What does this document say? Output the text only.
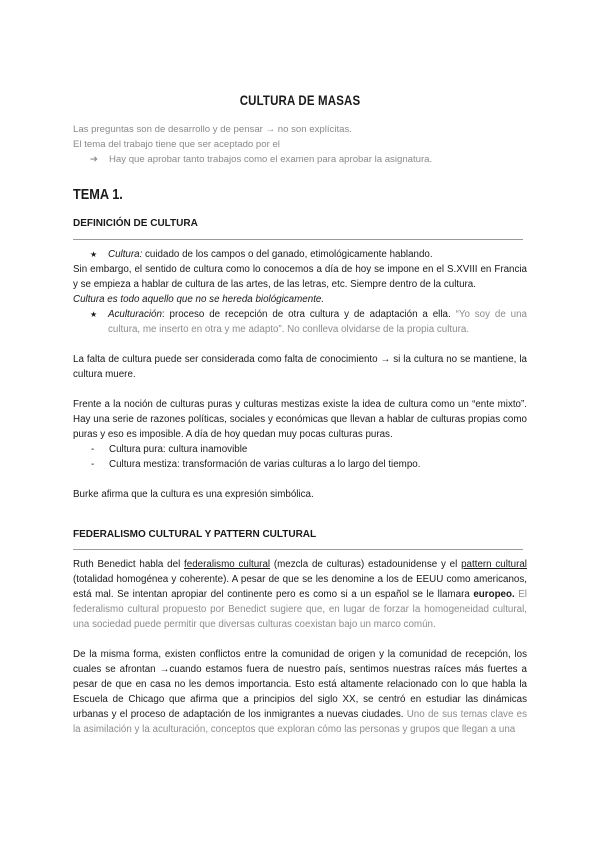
CULTURA DE MASAS
Las preguntas son de desarrollo y de pensar → no son explícitas.
El tema del trabajo tiene que ser aceptado por el
➔ Hay que aprobar tanto trabajos como el examen para aprobar la asignatura.
TEMA 1.
DEFINICIÓN DE CULTURA
★ Cultura: cuidado de los campos o del ganado, etimológicamente hablando.
Sin embargo, el sentido de cultura como lo conocemos a día de hoy se impone en el S.XVIII en Francia y se empieza a hablar de cultura de las artes, de las letras, etc. Siempre dentro de la cultura.
Cultura es todo aquello que no se hereda biológicamente.
★ Aculturación: proceso de recepción de otra cultura y de adaptación a ella. “Yo soy de una cultura, me inserto en otra y me adapto”. No conlleva olvidarse de la propia cultura.
La falta de cultura puede ser considerada como falta de conocimiento → si la cultura no se mantiene, la cultura muere.
Frente a la noción de culturas puras y culturas mestizas existe la idea de cultura como un “ente mixto”. Hay una serie de razones políticas, sociales y económicas que llevan a hablar de culturas propias como puras y eso es imposible. A día de hoy quedan muy pocas culturas puras.
- Cultura pura: cultura inamovible
- Cultura mestiza: transformación de varias culturas a lo largo del tiempo.
Burke afirma que la cultura es una expresión simbólica.
FEDERALISMO CULTURAL Y PATTERN CULTURAL
Ruth Benedict habla del federalismo cultural (mezcla de culturas) estadounidense y el pattern cultural (totalidad homogénea y coherente). A pesar de que se les denomine a los de EEUU como americanos, está mal. Se intentan apropiar del continente pero es como si a un español se le llamara europeo. El federalismo cultural propuesto por Benedict sugiere que, en lugar de forzar la homogeneidad cultural, una sociedad puede permitir que diversas culturas coexistan bajo un marco común.
De la misma forma, existen conflictos entre la comunidad de origen y la comunidad de recepción, los cuales se afrontan →cuando estamos fuera de nuestro país, sentimos nuestras raíces más fuertes a pesar de que en casa no les demos importancia. Esto está altamente relacionado con lo que habla la Escuela de Chicago que afirma que a principios del siglo XX, se centró en estudiar las dinámicas urbanas y el proceso de adaptación de los inmigrantes a nuevas ciudades. Uno de sus temas clave es la asimilación y la aculturación, conceptos que exploran cómo las personas y grupos que llegan a una
